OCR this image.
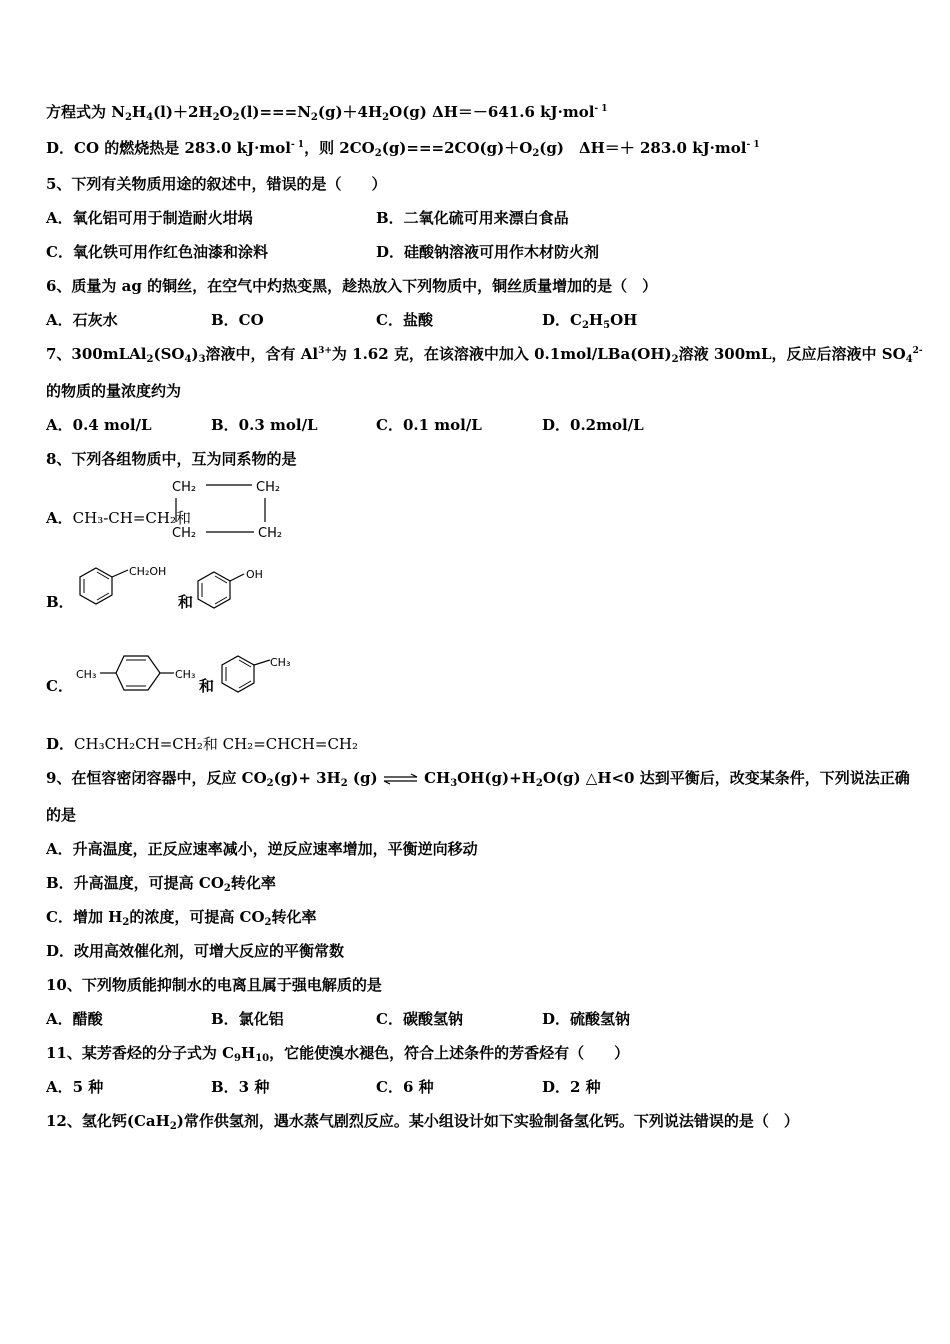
方程式为 $N_2H_4(l)+2H_2O_2(l)===N_2(g)+4H_2O(g)$ ΔH＝－641.6 kJ·mol$^{- 1}$
D．CO 的燃烧热是 283.0 kJ·mol$^{- 1}$，则 $2CO_2(g)===2CO(g)+O_2(g)$　ΔH＝＋ 283.0 kJ·mol$^{- 1}$
5、下列有关物质用途的叙述中，错误的是（　　）
A．氧化铝可用于制造耐火坩埚	B．二氧化硫可用来漂白食品
C．氧化铁可用作红色油漆和涂料	D．硅酸钠溶液可用作木材防火剂
6、质量为 ag 的铜丝，在空气中灼热变黑，趁热放入下列物质中，铜丝质量增加的是（　）
A．石灰水	B．CO	C．盐酸	D．$C_2H_5OH$
7、$300mLAl_2(SO_4)_3$溶液中，含有 $Al^{3+}$为 1.62 克，在该溶液中加入 $0.1mol/LBa(OH)_2$溶液 300mL，反应后溶液中 $SO_4^{2-}$
的物质的量浓度约为
A．0.4 mol/L	B．0.3 mol/L	C．0.1 mol/L	D．0.2mol/L
8、下列各组物质中，互为同系物的是
A．CH₃-CH=CH₂和
CH₂	CH₂
CH₂	CH₂
B．
CH₂OH
和
OH
C．
CH₃	CH₃
和
CH₃
D．CH₃CH₂CH=CH₂和 CH₂=CHCH=CH₂
9、在恒容密闭容器中，反应 $CO_2(g)+ 3H_2$ (g) ⇌ $CH_3OH(g)+H_2O(g)$ △H<0 达到平衡后，改变某条件，下列说法正确
的是
A．升高温度，正反应速率减小，逆反应速率增加，平衡逆向移动
B．升高温度，可提高 $CO_2$转化率
C．增加 $H_2$的浓度，可提高 $CO_2$转化率
D．改用高效催化剂，可增大反应的平衡常数
10、下列物质能抑制水的电离且属于强电解质的是
A．醋酸	B．氯化铝	C．碳酸氢钠	D．硫酸氢钠
11、某芳香烃的分子式为 $C_9H_{10}$，它能使溴水褪色，符合上述条件的芳香烃有（　　）
A．5 种	B．3 种	C．6 种	D．2 种
12、氢化钙(CaH$_2$)常作供氢剂，遇水蒸气剧烈反应。某小组设计如下实验制备氢化钙。下列说法错误的是（　）
